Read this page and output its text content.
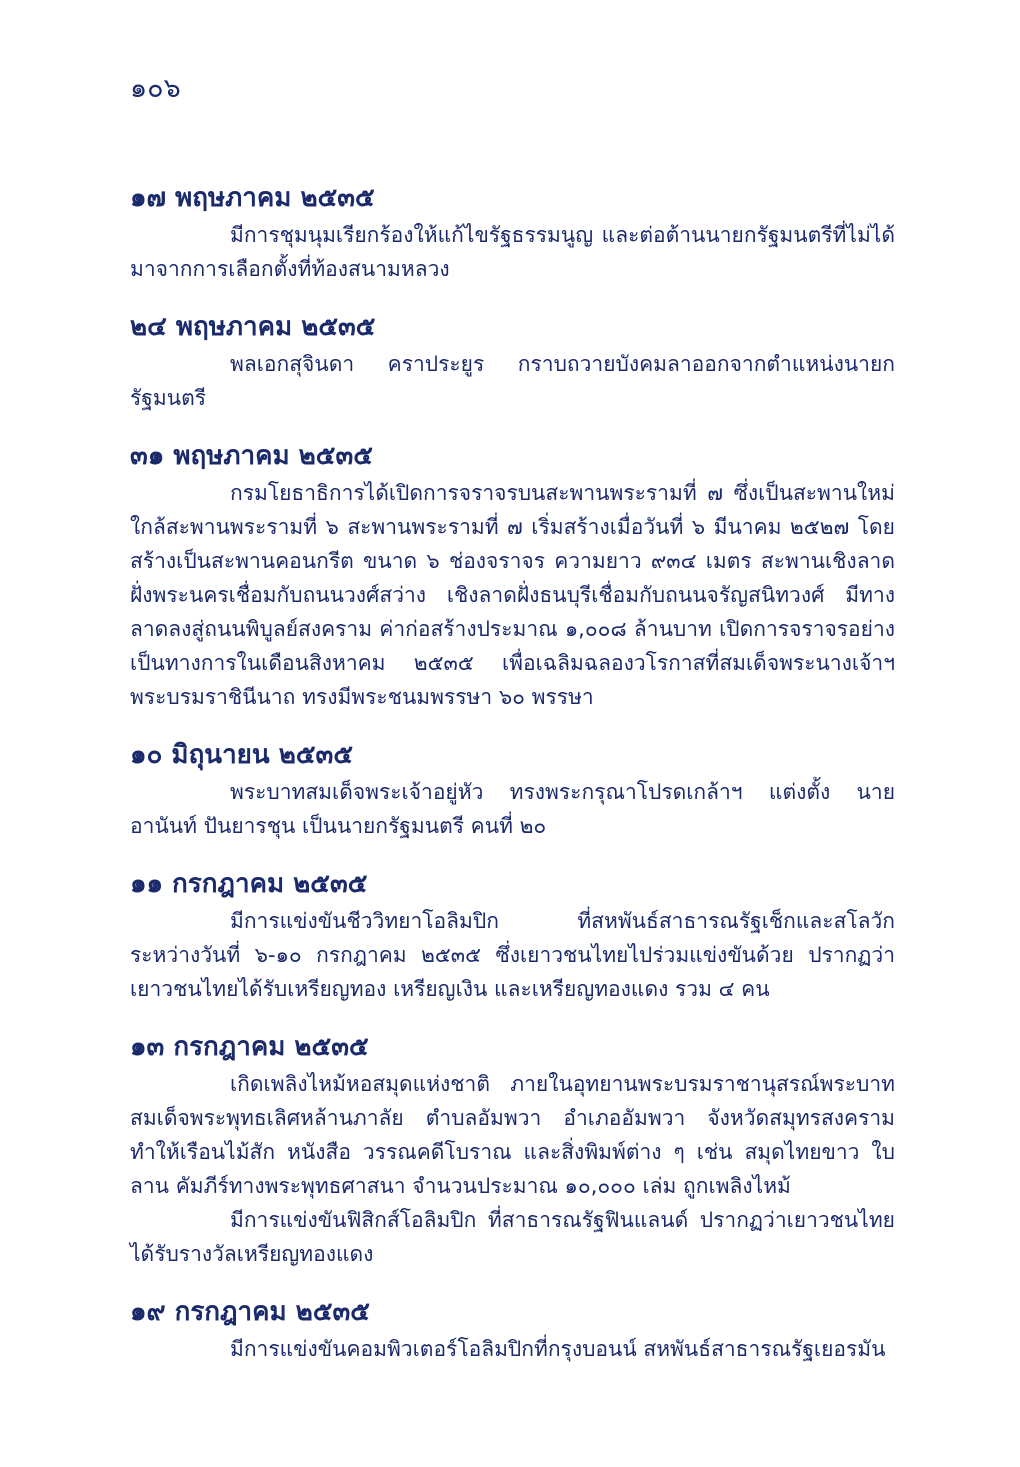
๑๐๖
๑๗ พฤษภาคม ๒๕๓๕

มีการชุมนุมเรียกร้องให้แก้ไขรัฐธรรมนูญ และต่อต้านนายกรัฐมนตรีที่ไม่ได้มาจากการเลือกตั้งที่ท้องสนามหลวง

๒๔ พฤษภาคม ๒๕๓๕

พลเอกสุจินดา คราประยูร กราบถวายบังคมลาออกจากตำแหน่งนายกรัฐมนตรี

๓๑ พฤษภาคม ๒๕๓๕

กรมโยธาธิการได้เปิดการจราจรบนสะพานพระรามที่ ๗ ซึ่งเป็นสะพานใหม่ใกล้สะพานพระรามที่ ๖ สะพานพระรามที่ ๗ เริ่มสร้างเมื่อวันที่ ๖ มีนาคม ๒๕๒๗ โดยสร้างเป็นสะพานคอนกรีต ขนาด ๖ ช่องจราจร ความยาว ๙๓๔ เมตร สะพานเชิงลาดฝั่งพระนครเชื่อมกับถนนวงศ์สว่าง เชิงลาดฝั่งธนบุรีเชื่อมกับถนนจรัญสนิทวงศ์ มีทางลาดลงสู่ถนนพิบูลย์สงคราม ค่าก่อสร้างประมาณ ๑,๐๐๘ ล้านบาท เปิดการจราจรอย่างเป็นทางการในเดือนสิงหาคม ๒๕๓๕ เพื่อเฉลิมฉลองวโรกาสที่สมเด็จพระนางเจ้าฯ พระบรมราชินีนาถ ทรงมีพระชนมพรรษา ๖๐ พรรษา

๑๐ มิถุนายน ๒๕๓๕

พระบาทสมเด็จพระเจ้าอยู่หัว ทรงพระกรุณาโปรดเกล้าฯ แต่งตั้ง นายอานันท์ ปันยารชุน เป็นนายกรัฐมนตรี คนที่ ๒๐

๑๑ กรกฎาคม ๒๕๓๕

มีการแข่งขันชีววิทยาโอลิมปิก ที่สหพันธ์สาธารณรัฐเช็กและสโลวัก ระหว่างวันที่ ๖-๑๐ กรกฎาคม ๒๕๓๕ ซึ่งเยาวชนไทยไปร่วมแข่งขันด้วย ปรากฏว่าเยาวชนไทยได้รับเหรียญทอง เหรียญเงิน และเหรียญทองแดง รวม ๔ คน

๑๓ กรกฎาคม ๒๕๓๕

เกิดเพลิงไหม้หอสมุดแห่งชาติ ภายในอุทยานพระบรมราชานุสรณ์พระบาทสมเด็จพระพุทธเลิศหล้านภาลัย ตำบลอัมพวา อำเภออัมพวา จังหวัดสมุทรสงคราม ทำให้เรือนไม้สัก หนังสือ วรรณคดีโบราณ และสิ่งพิมพ์ต่าง ๆ เช่น สมุดไทยขาว ใบลาน คัมภีร์ทางพระพุทธศาสนา จำนวนประมาณ ๑๐,๐๐๐ เล่ม ถูกเพลิงไหม้

มีการแข่งขันฟิสิกส์โอลิมปิก ที่สาธารณรัฐฟินแลนด์ ปรากฏว่าเยาวชนไทยได้รับรางวัลเหรียญทองแดง

๑๙ กรกฎาคม ๒๕๓๕

มีการแข่งขันคอมพิวเตอร์โอลิมปิกที่กรุงบอนน์ สหพันธ์สาธารณรัฐเยอรมัน
